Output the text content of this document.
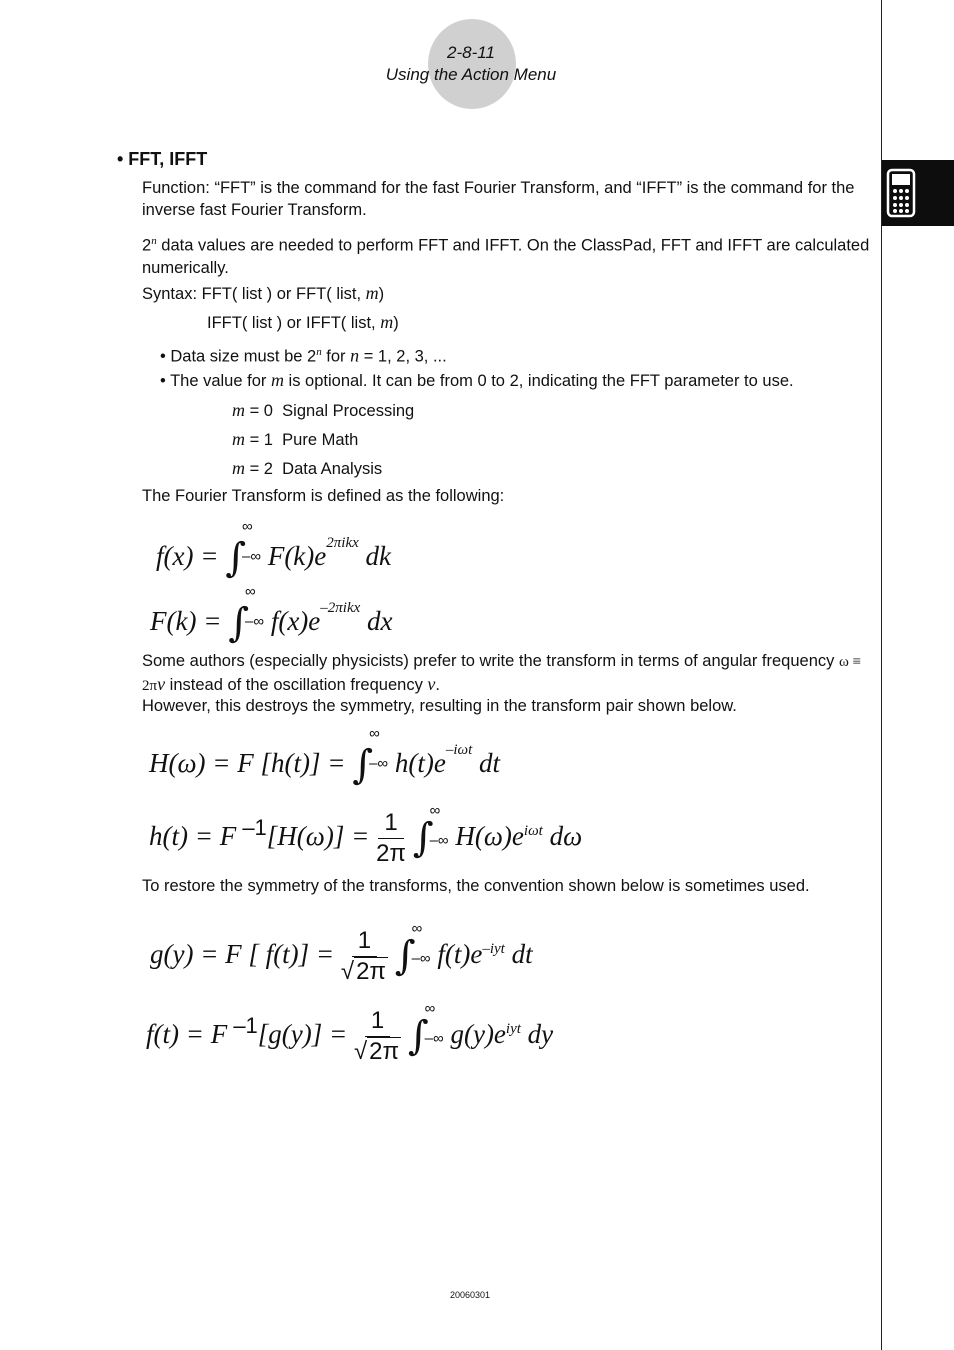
2-8-11
Using the Action Menu
• FFT, IFFT

Function: “FFT” is the command for the fast Fourier Transform, and “IFFT” is the command for the inverse fast Fourier Transform.

2$^n$ data values are needed to perform FFT and IFFT. On the ClassPad, FFT and IFFT are calculated numerically.

Syntax: FFT( list ) or FFT( list, m)

IFFT( list ) or IFFT( list, m)

• Data size must be 2$^n$ for n = 1, 2, 3, ...

• The value for m is optional. It can be from 0 to 2, indicating the FFT parameter to use.

m = 0 Signal Processing

m = 1 Pure Math

m = 2 Data Analysis

The Fourier Transform is defined as the following:

f(x) = ∫
∞
–∞ $F(k)e^{2\pi ikx}$ dk
F(k) = ∫
∞
–∞ $f(x)e^{-2\pi ikx}$ dx

Some authors (especially physicists) prefer to write the transform in terms of angular frequency ω ≡ 2πν instead of the oscillation frequency ν.

However, this destroys the symmetry, resulting in the transform pair shown below.

H(ω) = F [h(t)] = ∫
∞
–∞ $h(t)e^{-i\omega t}$ dt
h(t) = F $^{-1}[H(\omega)] = \frac{1}{2\pi}$ ∫
∞
–∞ $H(\omega)e^{i\omega t}$ dω

To restore the symmetry of the transforms, the convention shown below is sometimes used.

g(y) = F [ $f(t)] = \frac{1}{√2\pi}$ ∫
∞
–∞ $f(t)e^{-iyt}$ dt
f(t) = F $^{-1}[g(y)] = \frac{1}{√2\pi}$ ∫
∞
–∞ $g(y)e^{iyt}$ dy
20060301
